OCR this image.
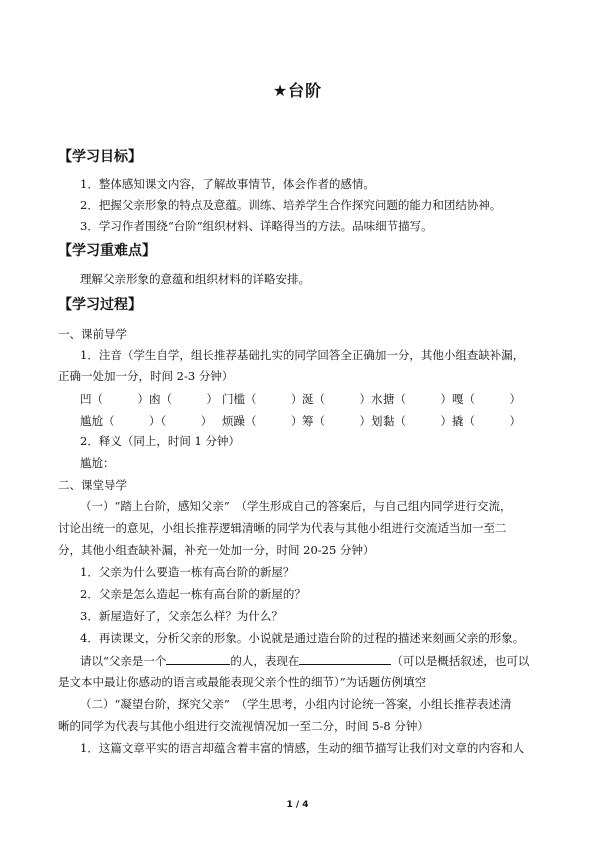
★台阶
【学习目标】
1．整体感知课文内容，了解故事情节，体会作者的感情。
2．把握父亲形象的特点及意蕴。训练、培养学生合作探究问题的能力和团结协神。
3．学习作者围绕“台阶”组织材料、详略得当的方法。品味细节描写。
【学习重难点】
理解父亲形象的意蕴和组织材料的详略安排。
【学习过程】
一、课前导学
1．注音（学生自学，组长推荐基础扎实的同学回答全正确加一分，其他小组查缺补漏，
正确一处加一分，时间 2-3 分钟）
凹（　　　）凼（　　　） 门槛（　　　） 涎（　　　）水 搪（　　　） 嘎（　　　）
尴尬（　　　）（　　　） 烦躁（　　　） 筹（　　　）划 黏（　　　） 撬（　　　）
2．释义（同上，时间 1 分钟）
尴尬：
二、课堂导学
（一）“踏上台阶，感知父亲”　（学生形成自己的答案后，与自己组内同学进行交流，
讨论出统一的意见，小组长推荐逻辑清晰的同学为代表与其他小组进行交流适当加一至二
分，其他小组查缺补漏，补充一处加一分，时间 20-25 分钟）
1．父亲为什么要造一栋有高台阶的新屋？
2．父亲是怎么造起一栋有高台阶的新屋的？
3．新屋造好了，父亲怎么样？为什么？
4．再读课文，分析父亲的形象。小说就是通过造台阶的过程的描述来刻画父亲的形象。
请以“父亲是一个	的人，表现在	（可以是概括叙述，也可以
是文本中最让你感动的语言或最能表现父亲个性的细节）”为话题仿例填空
（二）“凝望台阶，探究父亲”　（学生思考，小组内讨论统一答案，小组长推荐表述清
晰的同学为代表与其他小组进行交流视情况加一至二分，时间 5-8 分钟）
1．这篇文章平实的语言却蕴含着丰富的情感，生动的细节描写让我们对文章的内容和人
1 / 4
